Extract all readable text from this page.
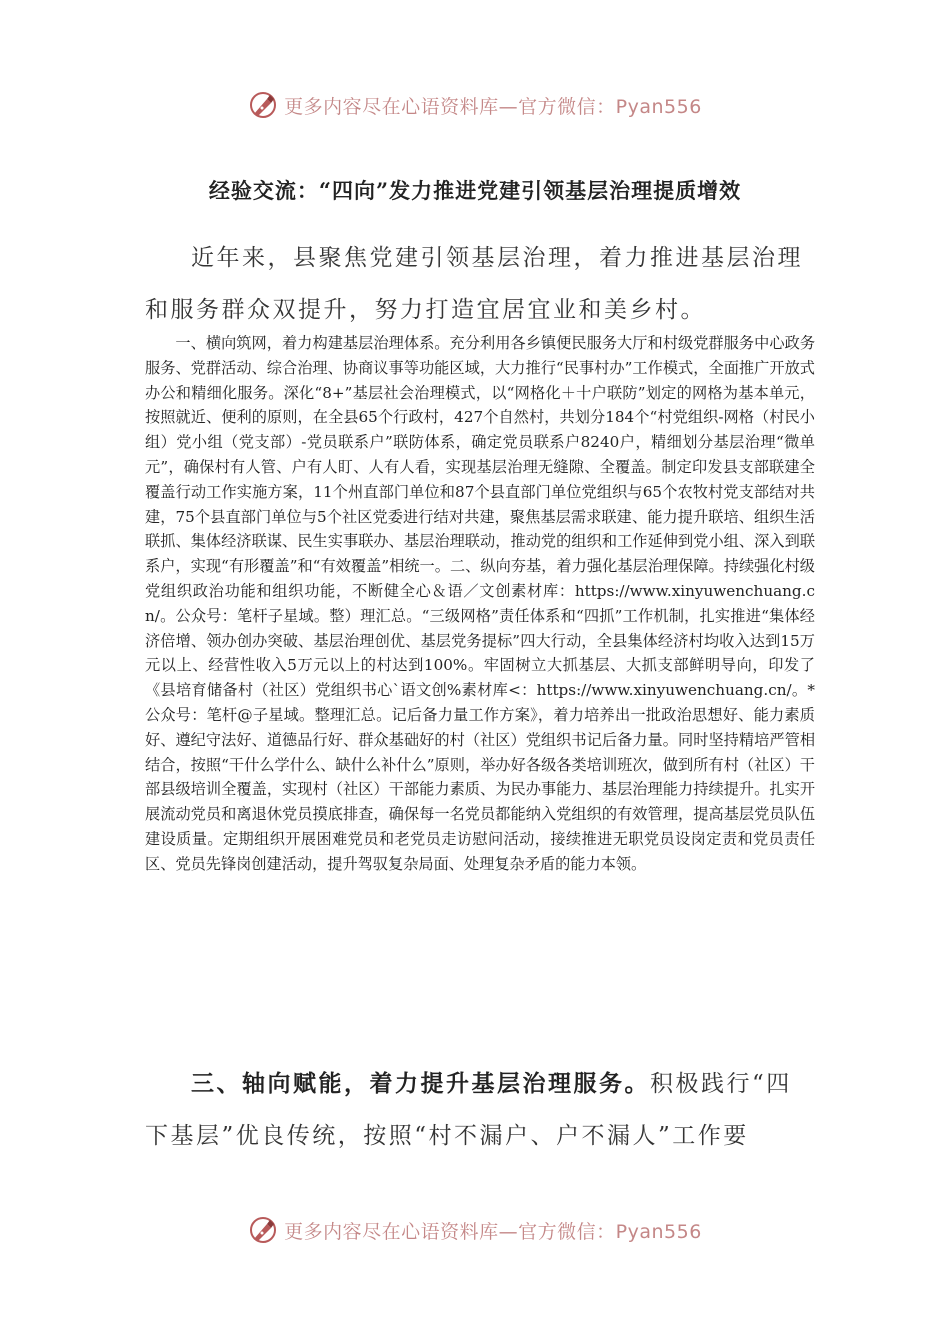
更多内容尽在心语资料库—官方微信：Pyan556
经验交流：“四向”发力推进党建引领基层治理提质增效
近年来，县聚焦党建引领基层治理，着力推进基层治理和服务群众双提升，努力打造宜居宜业和美乡村。
一、横向筑网，着力构建基层治理体系。充分利用各乡镇便民服务大厅和村级党群服务中心政务服务、党群活动、综合治理、协商议事等功能区域，大力推行“民事村办”工作模式，全面推广开放式办公和精细化服务。深化“8+”基层社会治理模式，以“网格化＋十户联防”划定的网格为基本单元，按照就近、便利的原则，在全县65个行政村，427个自然村，共划分184个“村党组织-网格（村民小组）党小组（党支部）-党员联系户”联防体系，确定党员联系户8240户，精细划分基层治理“微单元”，确保村有人管、户有人盯、人有人看，实现基层治理无缝隙、全覆盖。制定印发县支部联建全覆盖行动工作实施方案，11个州直部门单位和87个县直部门单位党组织与65个农牧村党支部结对共建，75个县直部门单位与5个社区党委进行结对共建，聚焦基层需求联建、能力提升联培、组织生活联抓、集体经济联谋、民生实事联办、基层治理联动，推动党的组织和工作延伸到党小组、深入到联系户，实现“有形覆盖”和“有效覆盖”相统一。二、纵向夯基，着力强化基层治理保障。持续强化村级党组织政治功能和组织功能，不断健全心＆语／文创素材库：https://www.xinyuwenchuang.cn/。公众号：笔杆子星域。整）理汇总。“三级网格”责任体系和“四抓”工作机制，扎实推进“集体经济倍增、领办创办突破、基层治理创优、基层党务提标”四大行动，全县集体经济村均收入达到15万元以上、经营性收入5万元以上的村达到100%。牢固树立大抓基层、大抓支部鲜明导向，印发了《县培育储备村（社区）党组织书心`语文创%素材库<：https://www.xinyuwenchuang.cn/。*公众号：笔杆@子星域。整理汇总。记后备力量工作方案》，着力培养出一批政治思想好、能力素质好、遵纪守法好、道德品行好、群众基础好的村（社区）党组织书记后备力量。同时坚持精培严管相结合，按照“干什么学什么、缺什么补什么”原则，举办好各级各类培训班次，做到所有村（社区）干部县级培训全覆盖，实现村（社区）干部能力素质、为民办事能力、基层治理能力持续提升。扎实开展流动党员和离退休党员摸底排查，确保每一名党员都能纳入党组织的有效管理，提高基层党员队伍建设质量。定期组织开展困难党员和老党员走访慰问活动，接续推进无职党员设岗定责和党员责任区、党员先锋岗创建活动，提升驾驭复杂局面、处理复杂矛盾的能力本领。
三、轴向赋能，着力提升基层治理服务。积极践行“四下基层”优良传统，按照“村不漏户、户不漏人”工作要
更多内容尽在心语资料库—官方微信：Pyan556
